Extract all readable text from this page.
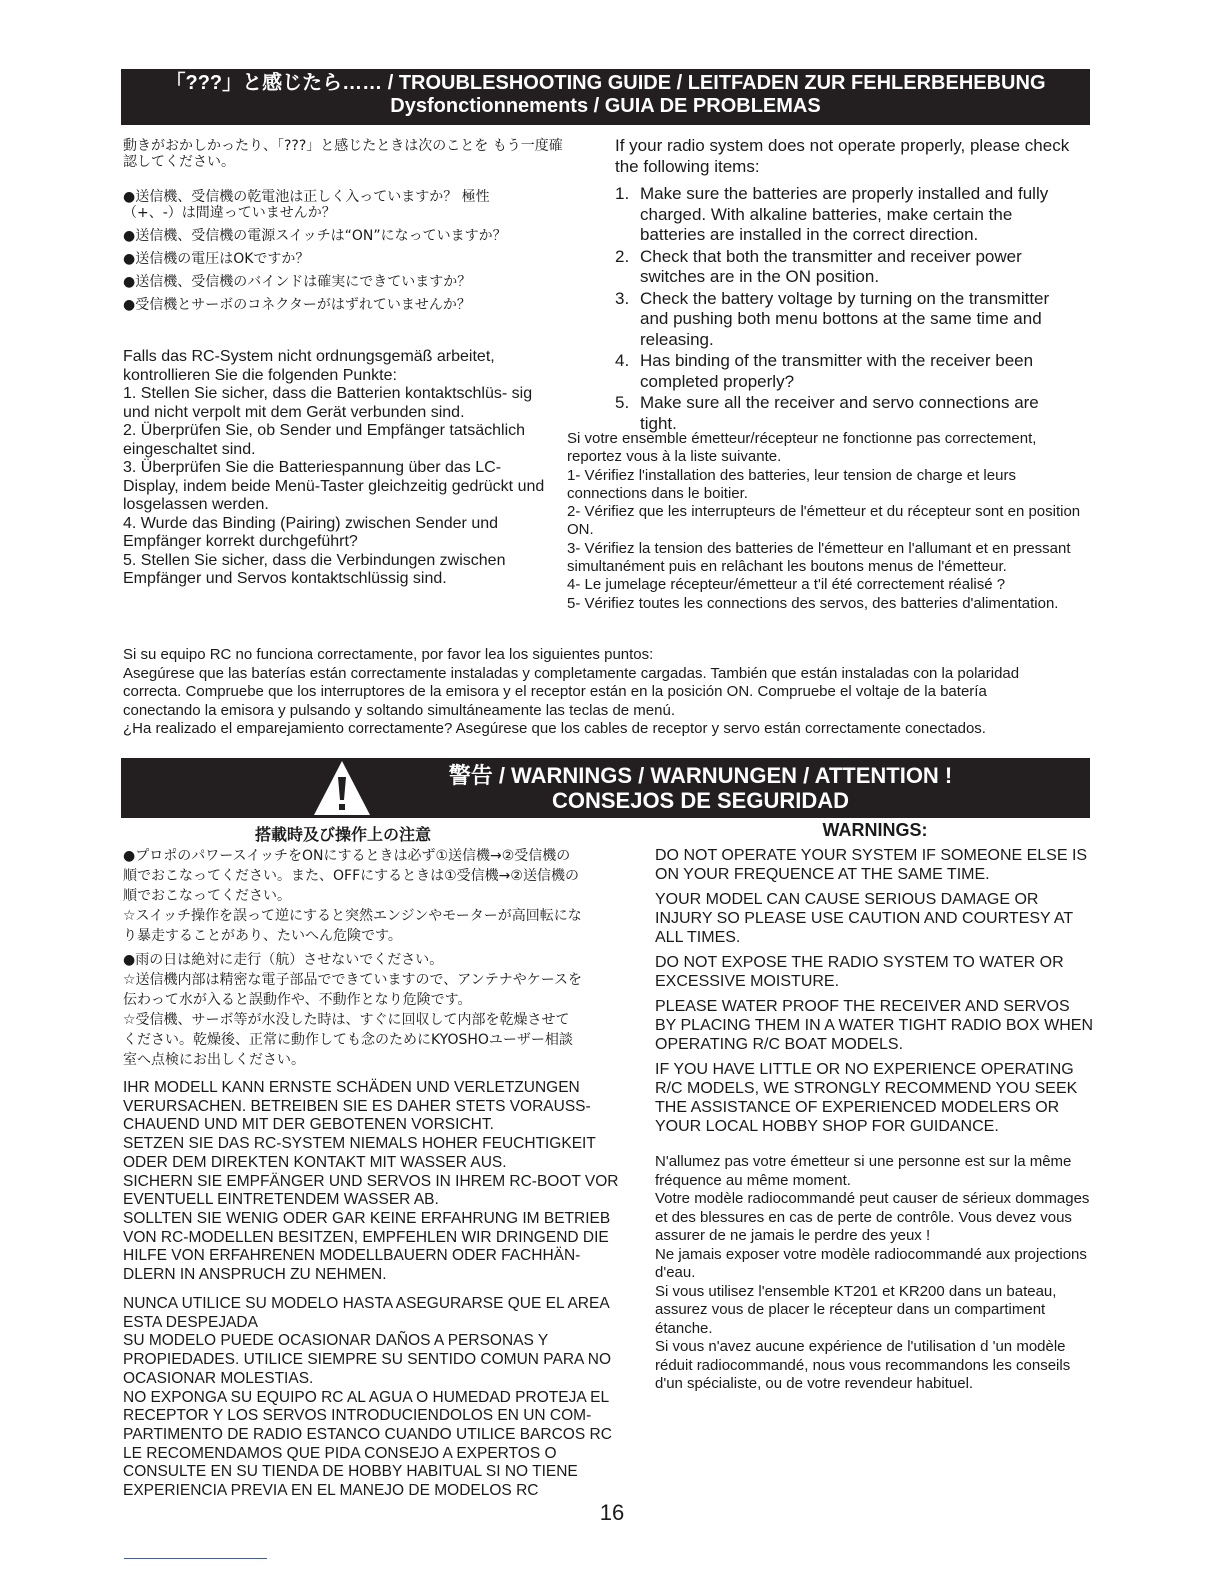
「???」と感じたら…… / TROUBLESHOOTING GUIDE / LEITFADEN ZUR FEHLERBEHEBUNG
Dysfonctionnements / GUIA DE PROBLEMAS

動きがおかしかったり、「???」と感じたときは次のことを もう一度確認してください。

●送信機、受信機の乾電池は正しく入っていますか？ 極性（+、-）は間違っていませんか？

●送信機、受信機の電源スイッチは“ON”になっていますか？

●送信機の電圧はOKですか？

●送信機、受信機のバインドは確実にできていますか？

●受信機とサーボのコネクターがはずれていませんか？

Falls das RC-System nicht ordnungsgemäß arbeitet, kontrollieren Sie die folgenden Punkte:

1. Stellen Sie sicher, dass die Batterien kontaktschlüs- sig und nicht verpolt mit dem Gerät verbunden sind.

2. Überprüfen Sie, ob Sender und Empfänger tatsächlich eingeschaltet sind.

3. Überprüfen Sie die Batteriespannung über das LC-Display, indem beide Menü-Taster gleichzeitig gedrückt und losgelassen werden.

4. Wurde das Binding (Pairing) zwischen Sender und Empfänger korrekt durchgeführt?

5. Stellen Sie sicher, dass die Verbindungen zwischen Empfänger und Servos kontaktschlüssig sind.

If your radio system does not operate properly, please check the following items:

1. Make sure the batteries are properly installed and fully charged. With alkaline batteries, make certain the batteries are installed in the correct direction.
2. Check that both the transmitter and receiver power switches are in the ON position.
3. Check the battery voltage by turning on the transmitter and pushing both menu bottons at the same time and releasing.
4. Has binding of the transmitter with the receiver been completed properly?
5. Make sure all the receiver and servo connections are tight.

Si votre ensemble émetteur/récepteur ne fonctionne pas correctement, reportez vous à la liste suivante.

1- Vérifiez l'installation des batteries, leur tension de charge et leurs connections dans le boitier.

2- Vérifiez que les interrupteurs de l'émetteur et du récepteur sont en position ON.

3- Vérifiez la tension des batteries de l'émetteur en l'allumant et en pressant simultanément puis en relâchant les boutons menus de l'émetteur.

4- Le jumelage récepteur/émetteur a t'il été correctement réalisé ?

5- Vérifiez toutes les connections des servos, des batteries d'alimentation.

Si su equipo RC no funciona correctamente, por favor lea los siguientes puntos:

Asegúrese que las baterías están correctamente instaladas y completamente cargadas. También que están instaladas con la polaridad correcta. Compruebe que los interruptores de la emisora y el receptor están en la posición ON. Compruebe el voltaje de la batería conectando la emisora y pulsando y soltando simultáneamente las teclas de menú.

¿Ha realizado el emparejamiento correctamente? Asegúrese que los cables de receptor y servo están correctamente conectados.

警告 / WARNINGS / WARNUNGEN / ATTENTION !
CONSEJOS DE SEGURIDAD
搭載時及び操作上の注意

●プロポのパワースイッチをONにするときは必ず①送信機→②受信機の順でおこなってください。また、OFFにするときは①受信機→②送信機の順でおこなってください。

☆スイッチ操作を誤って逆にすると突然エンジンやモーターが高回転になり暴走することがあり、たいへん危険です。

●雨の日は絶対に走行（航）させないでください。

☆送信機内部は精密な電子部品でできていますので、アンテナやケースを伝わって水が入ると誤動作や、不動作となり危険です。

☆受信機、サーボ等が水没した時は、すぐに回収して内部を乾燥させてください。乾燥後、正常に動作しても念のためにKYOSHOユーザー相談室へ点検にお出しください。

IHR MODELL KANN ERNSTE SCHÄDEN UND VERLETZUNGEN VERURSACHEN. BETREIBEN SIE ES DAHER STETS VORAUSS- CHAUEND UND MIT DER GEBOTENEN VORSICHT.

SETZEN SIE DAS RC-SYSTEM NIEMALS HOHER FEUCHTIGKEIT ODER DEM DIREKTEN KONTAKT MIT WASSER AUS.

SICHERN SIE EMPFÄNGER UND SERVOS IN IHREM RC-BOOT VOR EVENTUELL EINTRETENDEM WASSER AB.

SOLLTEN SIE WENIG ODER GAR KEINE ERFAHRUNG IM BETRIEB VON RC-MODELLEN BESITZEN, EMPFEHLEN WIR DRINGEND DIE HILFE VON ERFAHRENEN MODELLBAUERN ODER FACHHÄN- DLERN IN ANSPRUCH ZU NEHMEN.

NUNCA UTILICE SU MODELO HASTA ASEGURARSE QUE EL AREA ESTA DESPEJADA

SU MODELO PUEDE OCASIONAR DAÑOS A PERSONAS Y PROPIEDADES. UTILICE SIEMPRE SU SENTIDO COMUN PARA NO OCASIONAR MOLESTIAS.

NO EXPONGA SU EQUIPO RC AL AGUA O HUMEDAD PROTEJA EL RECEPTOR Y LOS SERVOS INTRODUCIENDOLOS EN UN COM- PARTIMENTO DE RADIO ESTANCO CUANDO UTILICE BARCOS RC

LE RECOMENDAMOS QUE PIDA CONSEJO A EXPERTOS O CONSULTE EN SU TIENDA DE HOBBY HABITUAL SI NO TIENE EXPERIENCIA PREVIA EN EL MANEJO DE MODELOS RC

WARNINGS:

DO NOT OPERATE YOUR SYSTEM IF SOMEONE ELSE IS ON YOUR FREQUENCE AT THE SAME TIME.

YOUR MODEL CAN CAUSE SERIOUS DAMAGE OR INJURY SO PLEASE USE CAUTION AND COURTESY AT ALL TIMES.

DO NOT EXPOSE THE RADIO SYSTEM TO WATER OR EXCESSIVE MOISTURE.

PLEASE WATER PROOF THE RECEIVER AND SERVOS BY PLACING THEM IN A WATER TIGHT RADIO BOX WHEN OPERATING R/C BOAT MODELS.

IF YOU HAVE LITTLE OR NO EXPERIENCE OPERATING R/C MODELS, WE STRONGLY RECOMMEND YOU SEEK THE ASSISTANCE OF EXPERIENCED MODELERS OR YOUR LOCAL HOBBY SHOP FOR GUIDANCE.

N'allumez pas votre émetteur si une personne est sur la même fréquence au même moment.

Votre modèle radiocommandé peut causer de sérieux dommages et des blessures en cas de perte de contrôle. Vous devez vous assurer de ne jamais le perdre des yeux !

Ne jamais exposer votre modèle radiocommandé aux projections d'eau.

Si vous utilisez l'ensemble KT201 et KR200 dans un bateau, assurez vous de placer le récepteur dans un compartiment étanche.

Si vous n'avez aucune expérience de l'utilisation d 'un modèle réduit radiocommandé, nous vous recommandons les conseils d'un spécialiste, ou de votre revendeur habituel.

16
